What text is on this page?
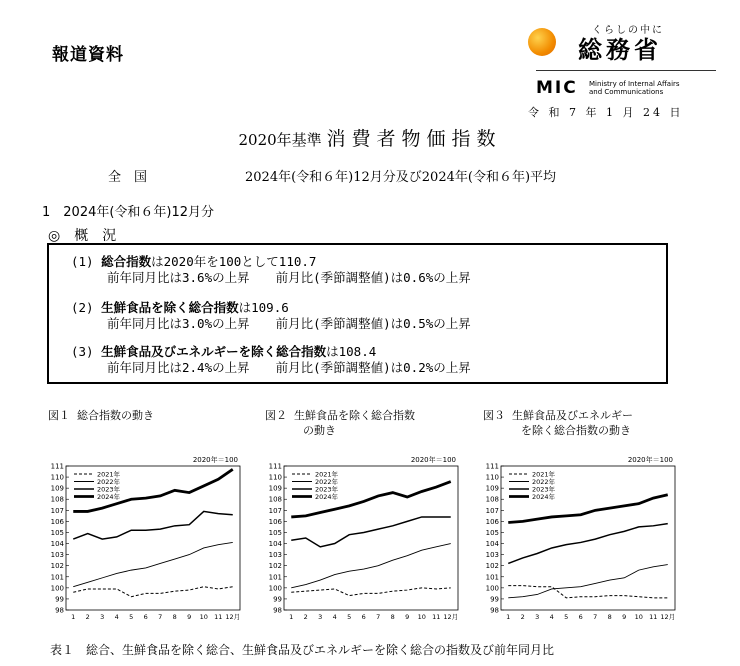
報道資料
くらしの中に
総務省
MIC Ministry of Internal Affairs
and Communications
令 和 7 年 1 月 24 日
2020年基準 消費者物価指数
全　国	2024年(令和６年)12月分及び2024年(令和６年)平均
1　2024年(令和６年)12月分
◎　概　況
(1) 総合指数は2020年を100として110.7
前年同月比は3.6%の上昇 前月比(季節調整値)は0.6%の上昇
(2) 生鮮食品を除く総合指数は109.6
前年同月比は3.0%の上昇 前月比(季節調整値)は0.5%の上昇
(3) 生鮮食品及びエネルギーを除く総合指数は108.4
前年同月比は2.4%の上昇 前月比(季節調整値)は0.2%の上昇
図１ 総合指数の動き	図２ 生鮮食品を除く総合指数
の動き
図３ 生鮮食品及びエネルギー
を除く総合指数の動き
98
99
100
101
102
103
104
105
106
107
108
109
110
111
1 2 3 4 5 6 7 8 9 10 11 12月
2020年＝100
2021年
2022年
2023年
2024年
98
99
100
101
102
103
104
105
106
107
108
109
110
111
1 2 3 4 5 6 7 8 9 10 11 12月
2020年＝100
2021年
2022年
2023年
2024年
98
99
100
101
102
103
104
105
106
107
108
109
110
111
1 2 3 4 5 6 7 8 9 10 11 12月
2020年＝100
2021年
2022年
2023年
2024年
表１　総合、生鮮食品を除く総合、生鮮食品及びエネルギーを除く総合の指数及び前年同月比
